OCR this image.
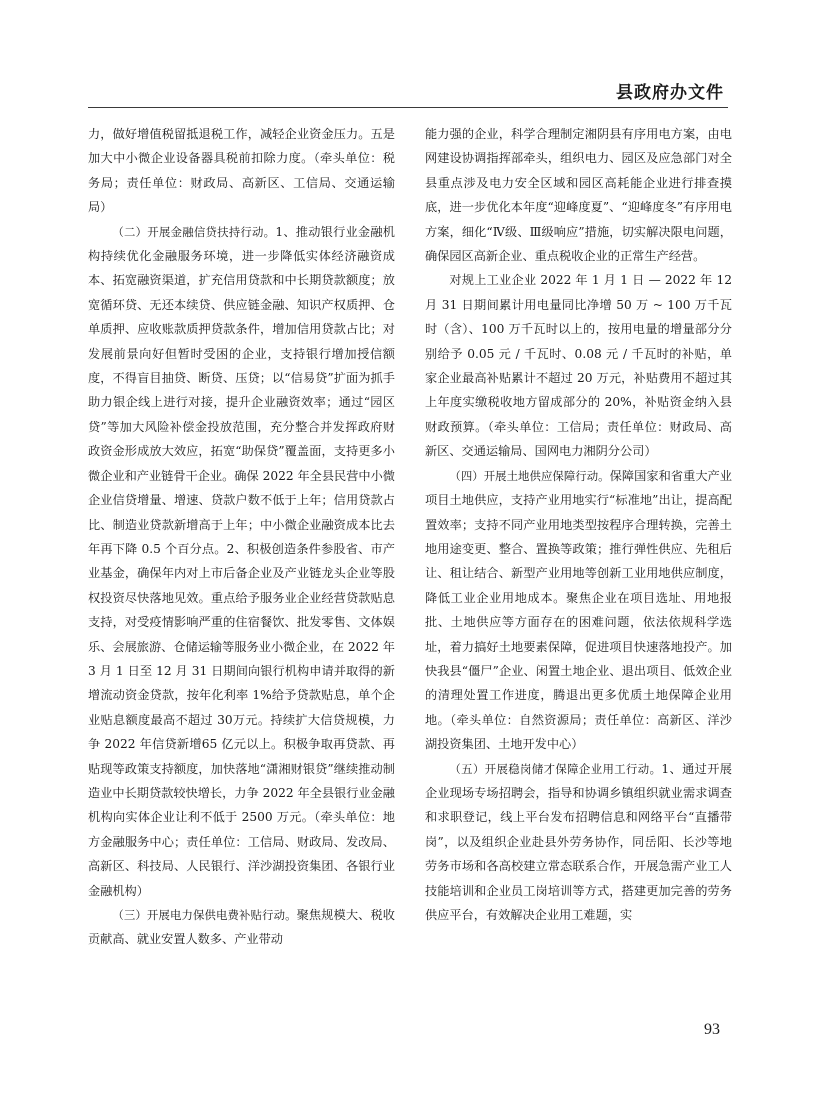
县政府办文件

力，做好增值税留抵退税工作，减轻企业资金压力。五是加大中小微企业设备器具税前扣除力度。（牵头单位：税务局；责任单位：财政局、高新区、工信局、交通运输局）

（二）开展金融信贷扶持行动。1、推动银行业金融机构持续优化金融服务环境，进一步降低实体经济融资成本、拓宽融资渠道，扩充信用贷款和中长期贷款额度；放宽循环贷、无还本续贷、供应链金融、知识产权质押、仓单质押、应收账款质押贷款条件，增加信用贷款占比；对发展前景向好但暂时受困的企业，支持银行增加授信额度，不得盲目抽贷、断贷、压贷；以“信易贷”扩面为抓手助力银企线上进行对接，提升企业融资效率；通过“园区贷”等加大风险补偿金投放范围，充分整合并发挥政府财政资金形成放大效应，拓宽“助保贷”覆盖面，支持更多小微企业和产业链骨干企业。确保 2022 年全县民营中小微企业信贷增量、增速、贷款户数不低于上年；信用贷款占比、制造业贷款新增高于上年；中小微企业融资成本比去年再下降 0.5 个百分点。2、积极创造条件参股省、市产业基金，确保年内对上市后备企业及产业链龙头企业等股权投资尽快落地见效。重点给予服务业企业经营贷款贴息支持，对受疫情影响严重的住宿餐饮、批发零售、文体娱乐、会展旅游、仓储运输等服务业小微企业，在 2022 年 3 月 1 日至 12 月 31 日期间向银行机构申请并取得的新增流动资金贷款，按年化利率 1%给予贷款贴息，单个企业贴息额度最高不超过 30万元。持续扩大信贷规模，力争 2022 年信贷新增65 亿元以上。积极争取再贷款、再贴现等政策支持额度，加快落地“潇湘财银贷”继续推动制造业中长期贷款较快增长，力争 2022 年全县银行业金融机构向实体企业让利不低于 2500 万元。（牵头单位：地方金融服务中心；责任单位：工信局、财政局、发改局、高新区、科技局、人民银行、洋沙湖投资集团、各银行业金融机构）

（三）开展电力保供电费补贴行动。聚焦规模大、税收贡献高、就业安置人数多、产业带动

能力强的企业，科学合理制定湘阴县有序用电方案，由电网建设协调指挥部牵头，组织电力、园区及应急部门对全县重点涉及电力安全区域和园区高耗能企业进行排查摸底，进一步优化本年度“迎峰度夏”、“迎峰度冬”有序用电方案，细化“Ⅳ级、Ⅲ级响应”措施，切实解决限电问题，确保园区高新企业、重点税收企业的正常生产经营。

对规上工业企业 2022 年 1 月 1 日 — 2022 年 12 月 31 日期间累计用电量同比净增 50 万 ~ 100 万千瓦时（含）、100 万千瓦时以上的，按用电量的增量部分分别给予 0.05 元 / 千瓦时、0.08 元 / 千瓦时的补贴，单家企业最高补贴累计不超过 20 万元，补贴费用不超过其上年度实缴税收地方留成部分的 20%，补贴资金纳入县财政预算。（牵头单位：工信局；责任单位：财政局、高新区、交通运输局、国网电力湘阴分公司）

（四）开展土地供应保障行动。保障国家和省重大产业项目土地供应，支持产业用地实行“标准地”出让，提高配置效率；支持不同产业用地类型按程序合理转换，完善土地用途变更、整合、置换等政策；推行弹性供应、先租后让、租让结合、新型产业用地等创新工业用地供应制度，降低工业企业用地成本。聚焦企业在项目选址、用地报批、土地供应等方面存在的困难问题，依法依规科学选址，着力搞好土地要素保障，促进项目快速落地投产。加快我县“僵尸”企业、闲置土地企业、退出项目、低效企业的清理处置工作进度，腾退出更多优质土地保障企业用地。（牵头单位：自然资源局；责任单位：高新区、洋沙湖投资集团、土地开发中心）

（五）开展稳岗储才保障企业用工行动。1、通过开展企业现场专场招聘会，指导和协调乡镇组织就业需求调查和求职登记，线上平台发布招聘信息和网络平台“直播带岗”，以及组织企业赴县外劳务协作，同岳阳、长沙等地劳务市场和各高校建立常态联系合作，开展急需产业工人技能培训和企业员工岗培训等方式，搭建更加完善的劳务供应平台，有效解决企业用工难题，实

93
